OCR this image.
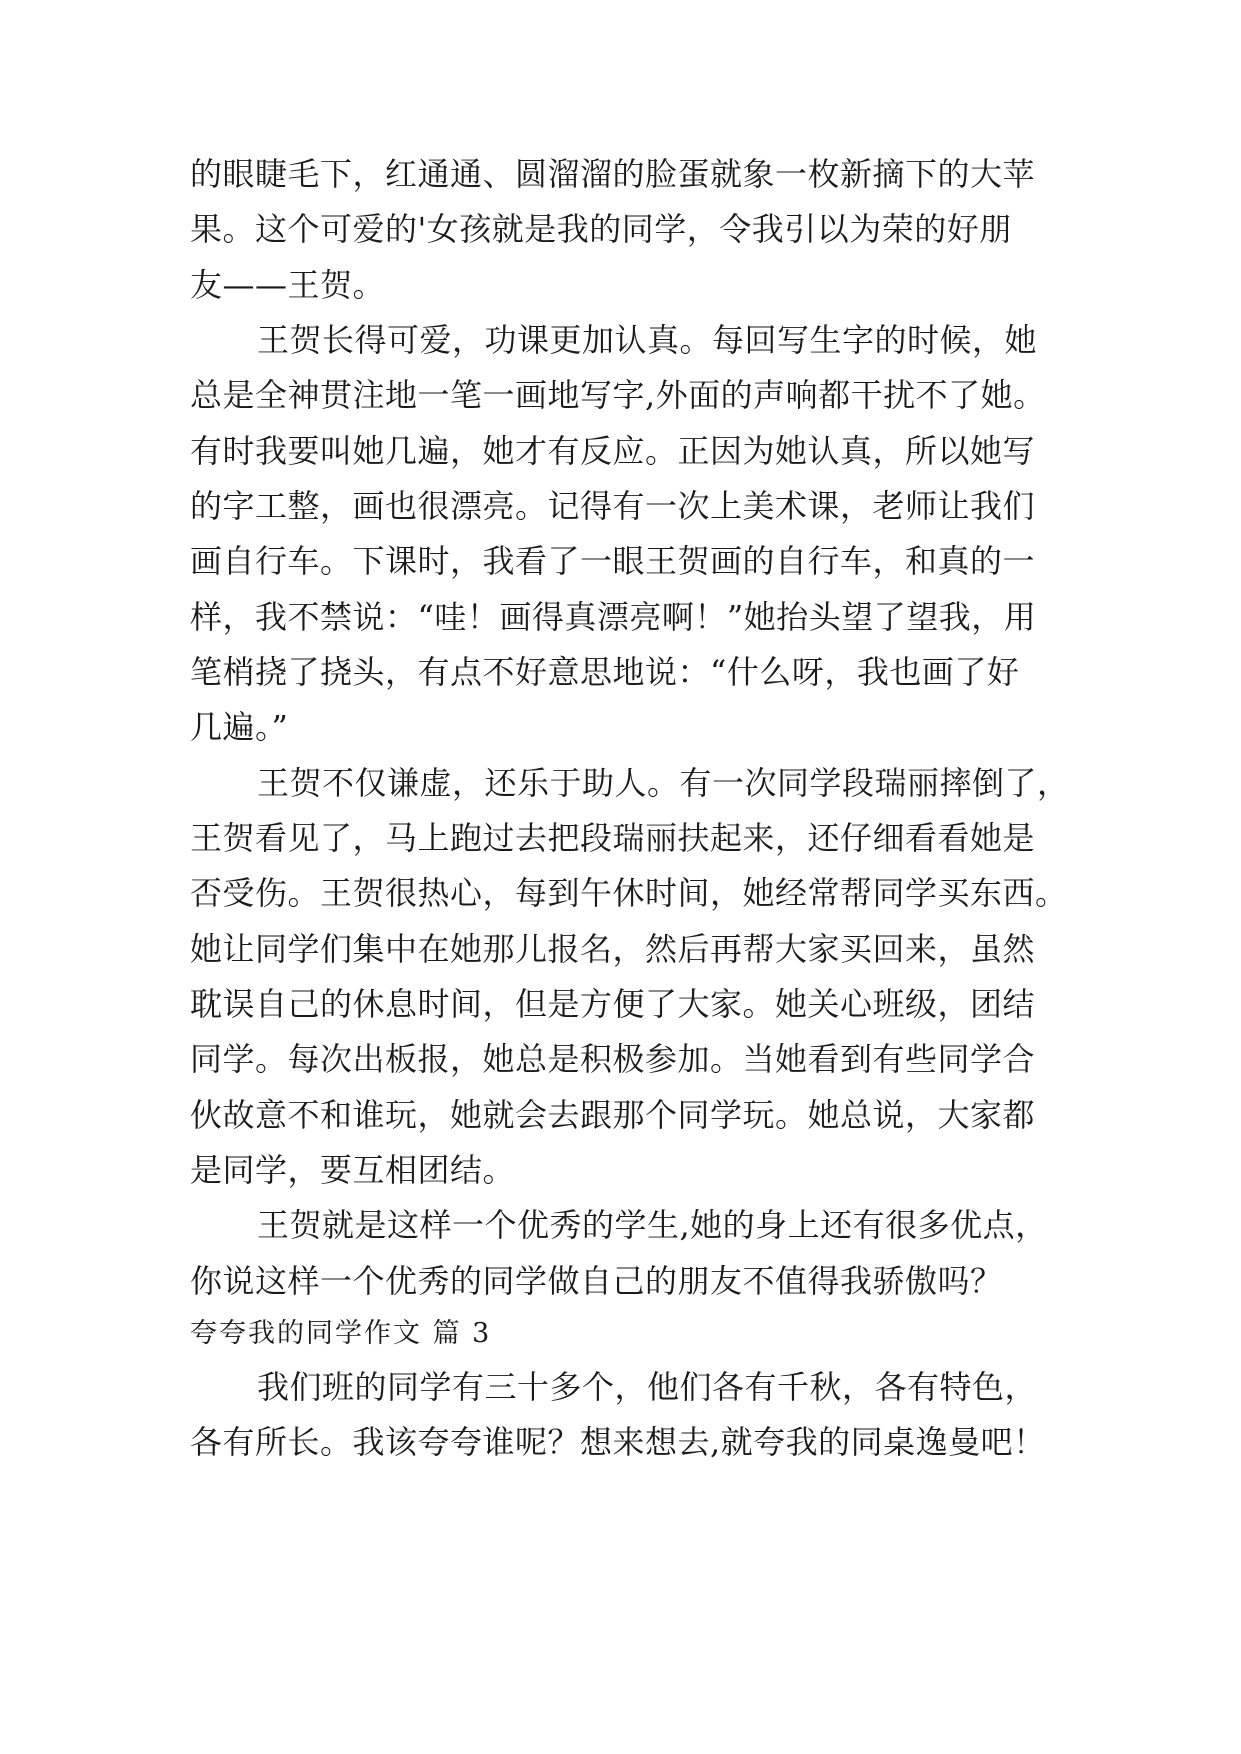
的眼睫毛下，红通通、圆溜溜的脸蛋就象一枚新摘下的大苹
果。这个可爱的'女孩就是我的同学，令我引以为荣的好朋
友——王贺。
王贺长得可爱，功课更加认真。每回写生字的时候，她
总是全神贯注地一笔一画地写字,外面的声响都干扰不了她。
有时我要叫她几遍，她才有反应。正因为她认真，所以她写
的字工整，画也很漂亮。记得有一次上美术课，老师让我们
画自行车。下课时，我看了一眼王贺画的自行车，和真的一
样，我不禁说：“哇！画得真漂亮啊！”她抬头望了望我，用
笔梢挠了挠头，有点不好意思地说：“什么呀，我也画了好
几遍。”
王贺不仅谦虚，还乐于助人。有一次同学段瑞丽摔倒了，
王贺看见了，马上跑过去把段瑞丽扶起来，还仔细看看她是
否受伤。王贺很热心，每到午休时间，她经常帮同学买东西。
她让同学们集中在她那儿报名，然后再帮大家买回来，虽然
耽误自己的休息时间，但是方便了大家。她关心班级，团结
同学。每次出板报，她总是积极参加。当她看到有些同学合
伙故意不和谁玩，她就会去跟那个同学玩。她总说，大家都
是同学，要互相团结。
王贺就是这样一个优秀的学生,她的身上还有很多优点，
你说这样一个优秀的同学做自己的朋友不值得我骄傲吗？
夸夸我的同学作文 篇 3
我们班的同学有三十多个，他们各有千秋，各有特色，
各有所长。我该夸夸谁呢？想来想去,就夸我的同桌逸曼吧！
